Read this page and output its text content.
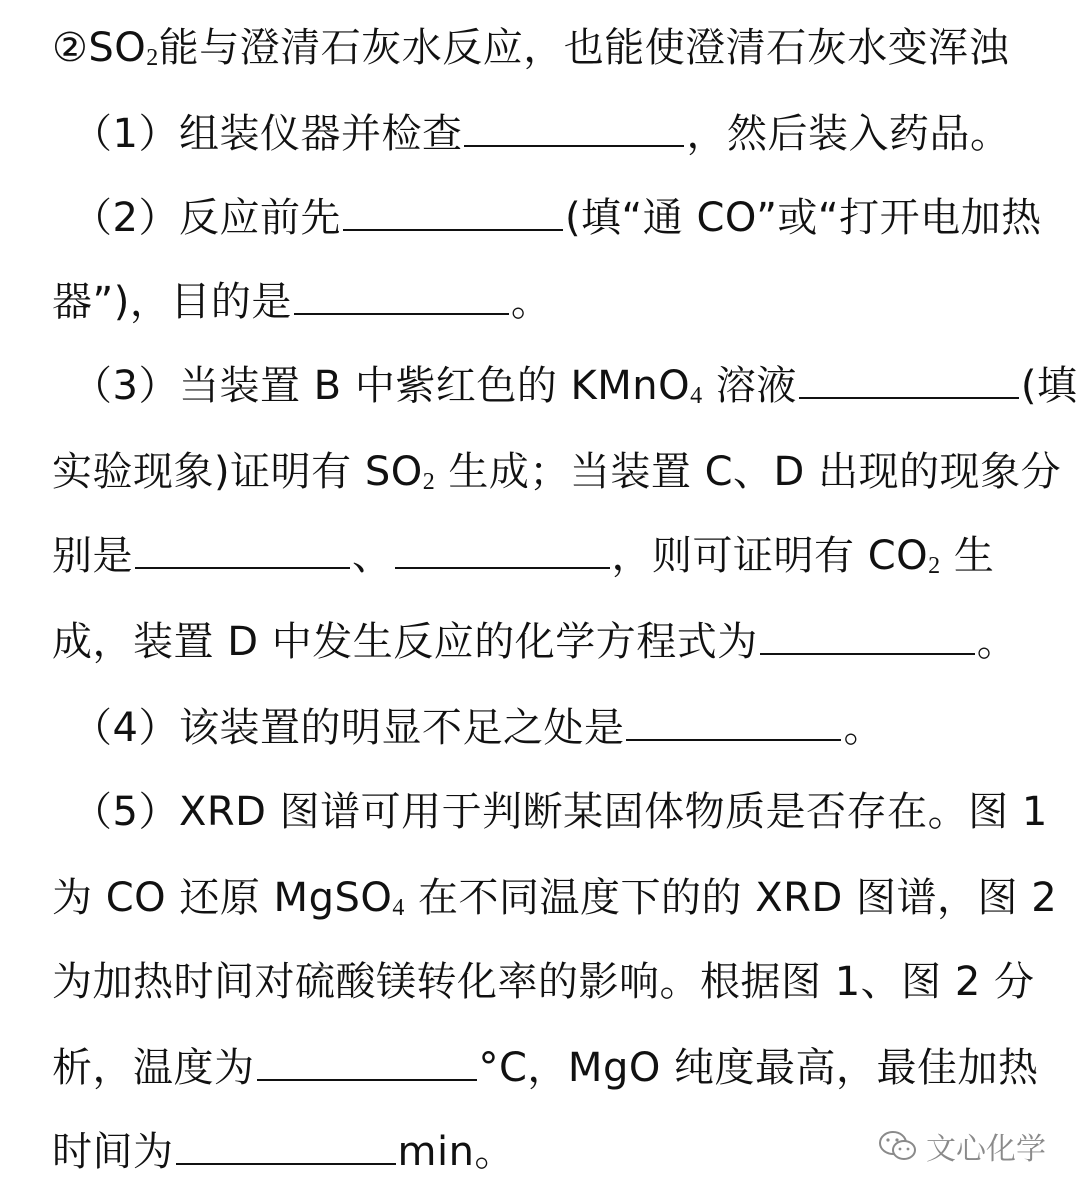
$②SO_2$能与澄清石灰水反应，也能使澄清石灰水变浑浊
（1）组装仪器并检查	，然后装入药品。
（2）反应前先	(填“通 CO”或“打开电加热
器”)，目的是	。
（3）当装置 B 中紫红色的 KMnO$_4$ 溶液	(填
实验现象)证明有 $SO_2$ 生成；当装置 C、D 出现的现象分
别是	、	，则可证明有 $CO_2$ 生
成，装置 D 中发生反应的化学方程式为	。
（4）该装置的明显不足之处是	。
（5）XRD 图谱可用于判断某固体物质是否存在。图 1
为 CO 还原 MgSO$_4$ 在不同温度下的的 XRD 图谱，图 2
为加热时间对硫酸镁转化率的影响。根据图 1、图 2 分
析，温度为	°C，MgO 纯度最高，最佳加热
时间为	min。	文心化学
